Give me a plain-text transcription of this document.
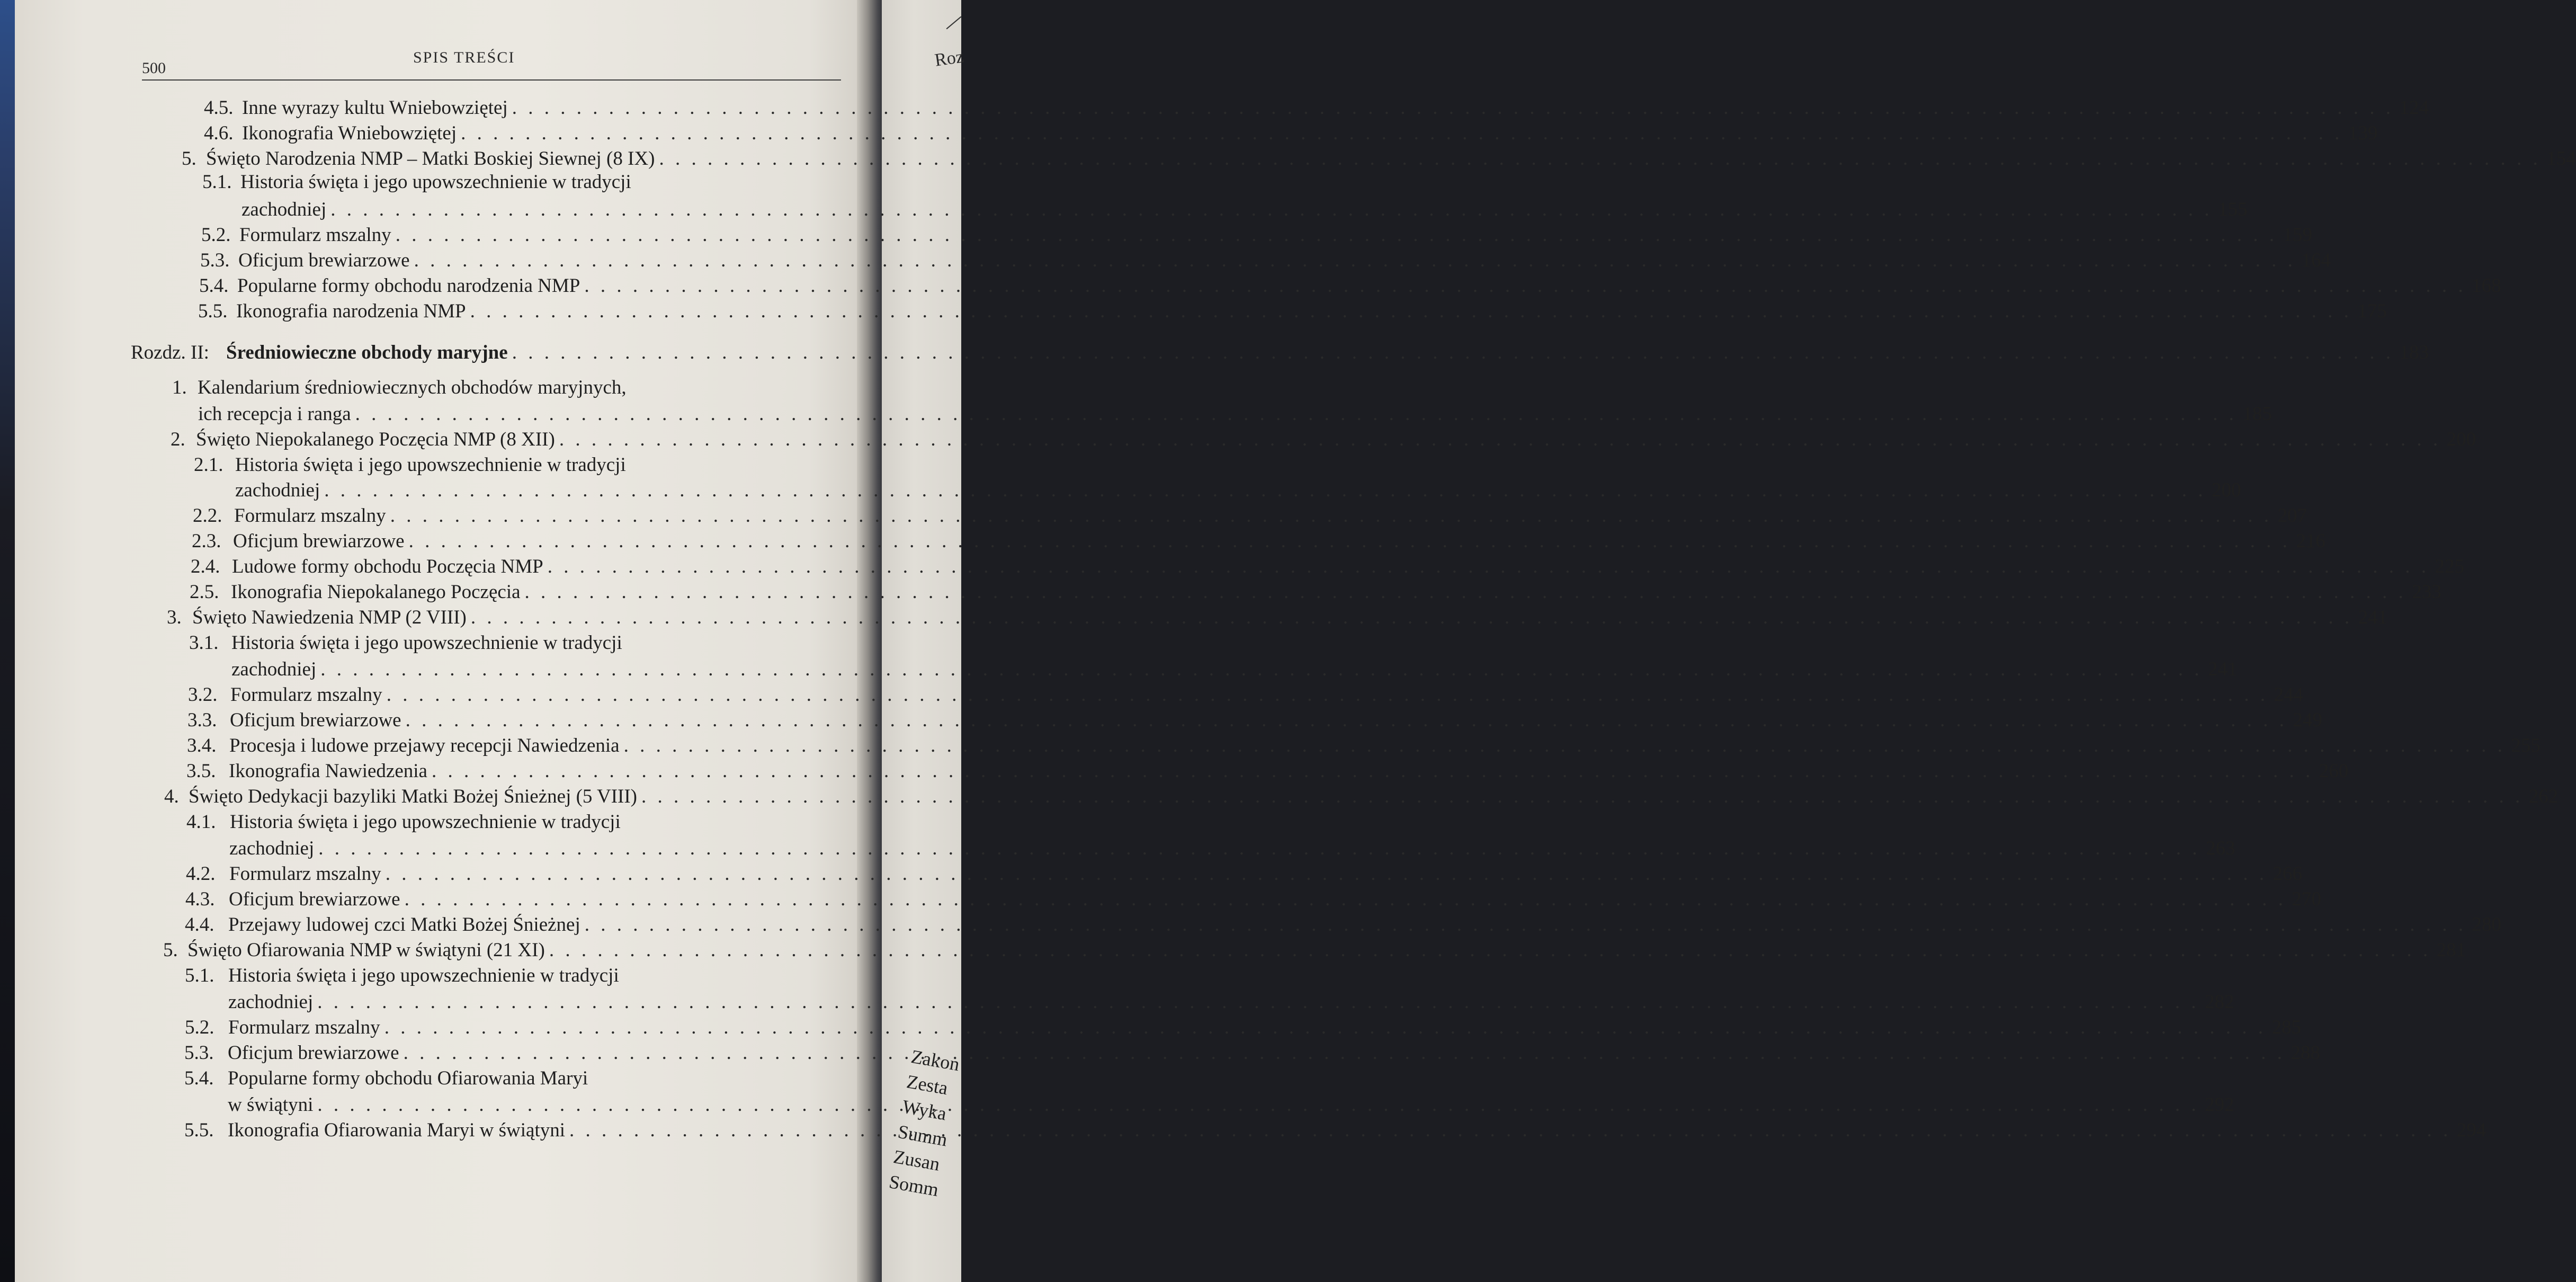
Roz
Zakon
Zesta
Wyka
Summ
Zusan
Somm
500
SPIS TREŚCI
4.5. Inne wyrazy kultu Wniebowziętej . . .	124
4.6. Ikonografia Wniebowziętej . . .	139
5. Święto Narodzenia NMP – Matki Boskiej Siewnej (8 IX) . . .	154
5.1. Historia święta i jego upowszechnienie w tradycji
zachodniej . . .	155
5.2. Formularz mszalny . . .	159
5.3. Oficjum brewiarzowe . . .	164
5.4. Popularne formy obchodu narodzenia NMP . . .	168
5.5. Ikonografia narodzenia NMP . . .	175
Rozdz. II: Średniowieczne obchody maryjne . . .	183
1. Kalendarium średniowiecznych obchodów maryjnych,
ich recepcja i ranga . . .	185
2. Święto Niepokalanego Poczęcia NMP (8 XII) . . .	200
2.1. Historia święta i jego upowszechnienie w tradycji
zachodniej . . .	200
2.2. Formularz mszalny . . .	207
2.3. Oficjum brewiarzowe . . .	216
2.4. Ludowe formy obchodu Poczęcia NMP . . .	225
2.5. Ikonografia Niepokalanego Poczęcia . . .	233
3. Święto Nawiedzenia NMP (2 VIII) . . .	241
3.1. Historia święta i jego upowszechnienie w tradycji
zachodniej . . .	241
3.2. Formularz mszalny . . .	244
3.3. Oficjum brewiarzowe . . .	249
3.4. Procesja i ludowe przejawy recepcji Nawiedzenia . . .	255
3.5. Ikonografia Nawiedzenia . . .	260
4. Święto Dedykacji bazyliki Matki Bożej Śnieżnej (5 VIII) . . .	262
4.1. Historia święta i jego upowszechnienie w tradycji
zachodniej . . .	263
4.2. Formularz mszalny . . .	266
4.3. Oficjum brewiarzowe . . .	270
4.4. Przejawy ludowej czci Matki Bożej Śnieżnej . . .	280
5. Święto Ofiarowania NMP w świątyni (21 XI) . . .	281
5.1. Historia święta i jego upowszechnienie w tradycji
zachodniej . . .	282
5.2. Formularz mszalny . . .	285
5.3. Oficjum brewiarzowe . . .	288
5.4. Popularne formy obchodu Ofiarowania Maryi
w świątyni . . .	292
5.5. Ikonografia Ofiarowania Maryi w świątyni . . .	294
